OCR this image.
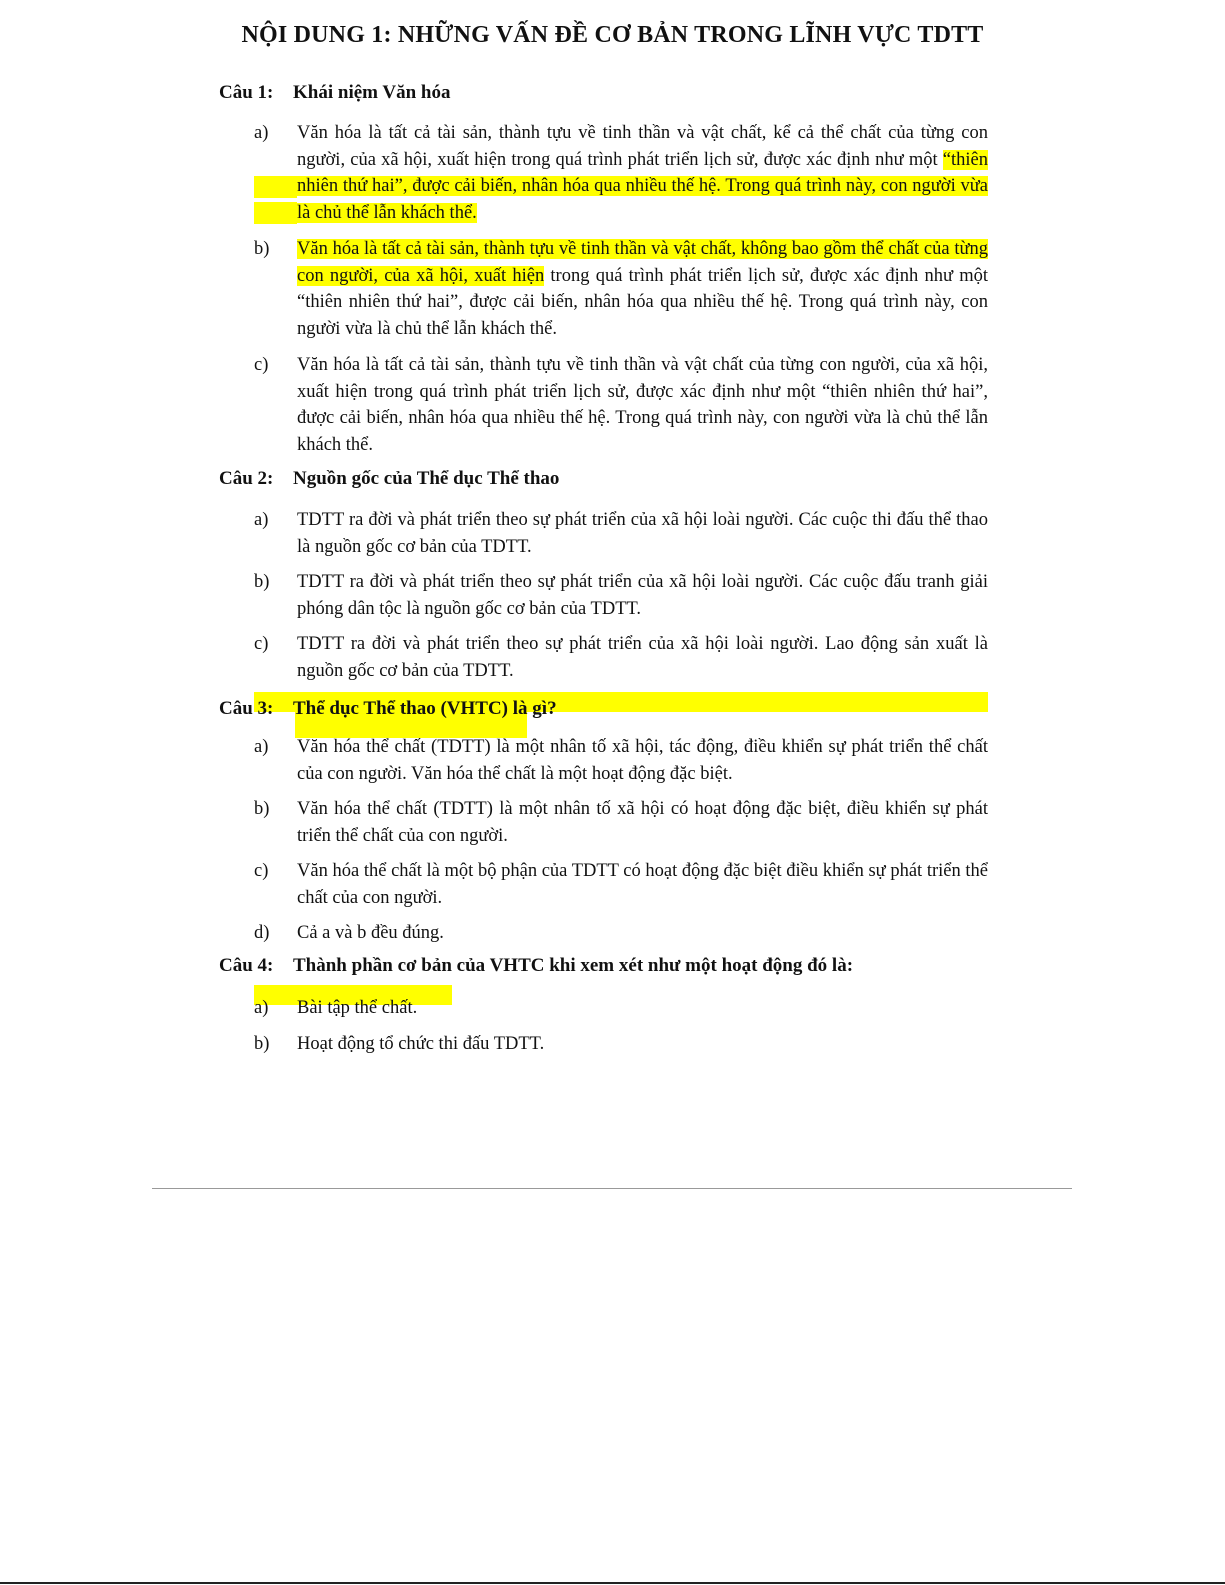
NỘI DUNG 1: NHỮNG VẤN ĐỀ CƠ BẢN TRONG LĨNH VỰC TDTT
Câu 1: Khái niệm Văn hóa
a) Văn hóa là tất cả tài sản, thành tựu về tinh thần và vật chất, kể cả thể chất của từng con người, của xã hội, xuất hiện trong quá trình phát triển lịch sử, được xác định như một “thiên nhiên thứ hai”, được cải biến, nhân hóa qua nhiều thế hệ. Trong quá trình này, con người vừa là chủ thể lẫn khách thể.
b) Văn hóa là tất cả tài sản, thành tựu về tinh thần và vật chất, không bao gồm thể chất của từng con người, của xã hội, xuất hiện trong quá trình phát triển lịch sử, được xác định như một “thiên nhiên thứ hai”, được cải biến, nhân hóa qua nhiều thế hệ. Trong quá trình này, con người vừa là chủ thể lẫn khách thể.
c) Văn hóa là tất cả tài sản, thành tựu về tinh thần và vật chất của từng con người, của xã hội, xuất hiện trong quá trình phát triển lịch sử, được xác định như một “thiên nhiên thứ hai”, được cải biến, nhân hóa qua nhiều thế hệ. Trong quá trình này, con người vừa là chủ thể lẫn khách thể.
Câu 2: Nguồn gốc của Thể dục Thể thao
a) TDTT ra đời và phát triển theo sự phát triển của xã hội loài người. Các cuộc thi đấu thể thao là nguồn gốc cơ bản của TDTT.
b) TDTT ra đời và phát triển theo sự phát triển của xã hội loài người. Các cuộc đấu tranh giải phóng dân tộc là nguồn gốc cơ bản của TDTT.
c) TDTT ra đời và phát triển theo sự phát triển của xã hội loài người. Lao động sản xuất là nguồn gốc cơ bản của TDTT.
Câu 3: Thể dục Thể thao (VHTC) là gì?
a) Văn hóa thể chất (TDTT) là một nhân tố xã hội, tác động, điều khiển sự phát triển thể chất của con người. Văn hóa thể chất là một hoạt động đặc biệt.
b) Văn hóa thể chất (TDTT) là một nhân tố xã hội có hoạt động đặc biệt, điều khiển sự phát triển thể chất của con người.
c) Văn hóa thể chất là một bộ phận của TDTT có hoạt động đặc biệt điều khiển sự phát triển thể chất của con người.
d) Cả a và b đều đúng.
Câu 4: Thành phần cơ bản của VHTC khi xem xét như một hoạt động đó là:
a) Bài tập thể chất.
b) Hoạt động tổ chức thi đấu TDTT.
